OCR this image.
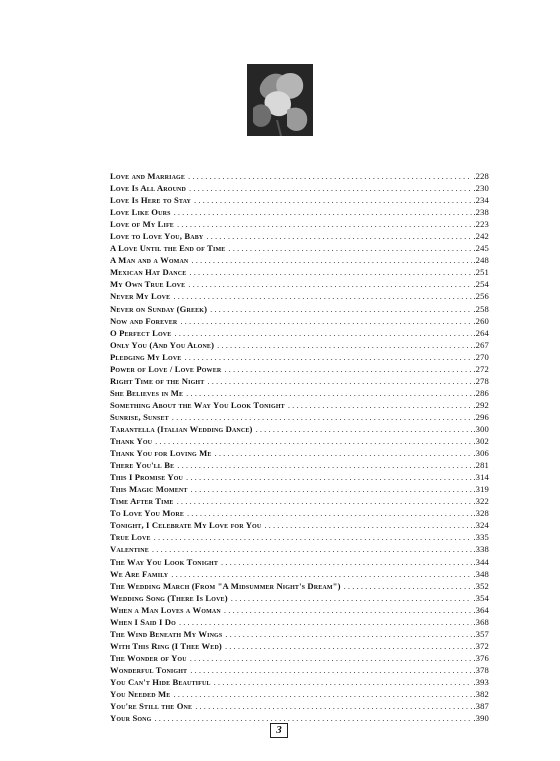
Love and Marriage . . .	.228
Love Is All Around . . .	.230
Love Is Here to Stay . . .	.234
Love Like Ours . . .	.238
Love of My Life . . .	.223
Love to Love You, Baby . . .	.242
A Love Until the End of Time . . .	.245
A Man and a Woman . . .	.248
Mexican Hat Dance . . .	.251
My Own True Love . . .	.254
Never My Love . . .	.256
Never on Sunday (Greek) . . .	.258
Now and Forever . . .	.260
O Perfect Love . . .	.264
Only You (And You Alone) . . .	.267
Pledging My Love . . .	.270
Power of Love / Love Power . . .	.272
Right Time of the Night . . .	.278
She Believes in Me . . .	.286
Something About the Way You Look Tonight . . .	.292
Sunrise, Sunset . . .	.296
Tarantella (Italian Wedding Dance) . . .	.300
Thank You . . .	.302
Thank You for Loving Me . . .	.306
There You'll Be . . .	.281
This I Promise You . . .	.314
This Magic Moment . . .	.319
Time After Time . . .	.322
To Love You More . . .	.328
Tonight, I Celebrate My Love for You . . .	.324
True Love . . .	.335
Valentine . . .	.338
The Way You Look Tonight . . .	.344
We Are Family . . .	.348
The Wedding March (From "A Midsummer Night's Dream") . . .	.352
Wedding Song (There Is Love) . . .	.354
When a Man Loves a Woman . . .	.364
When I Said I Do . . .	.368
The Wind Beneath My Wings . . .	.357
With This Ring (I Thee Wed) . . .	.372
The Wonder of You . . .	.376
Wonderful Tonight . . .	.378
You Can't Hide Beautiful . . .	.393
You Needed Me . . .	.382
You're Still the One . . .	.387
Your Song . . .	.390
3
